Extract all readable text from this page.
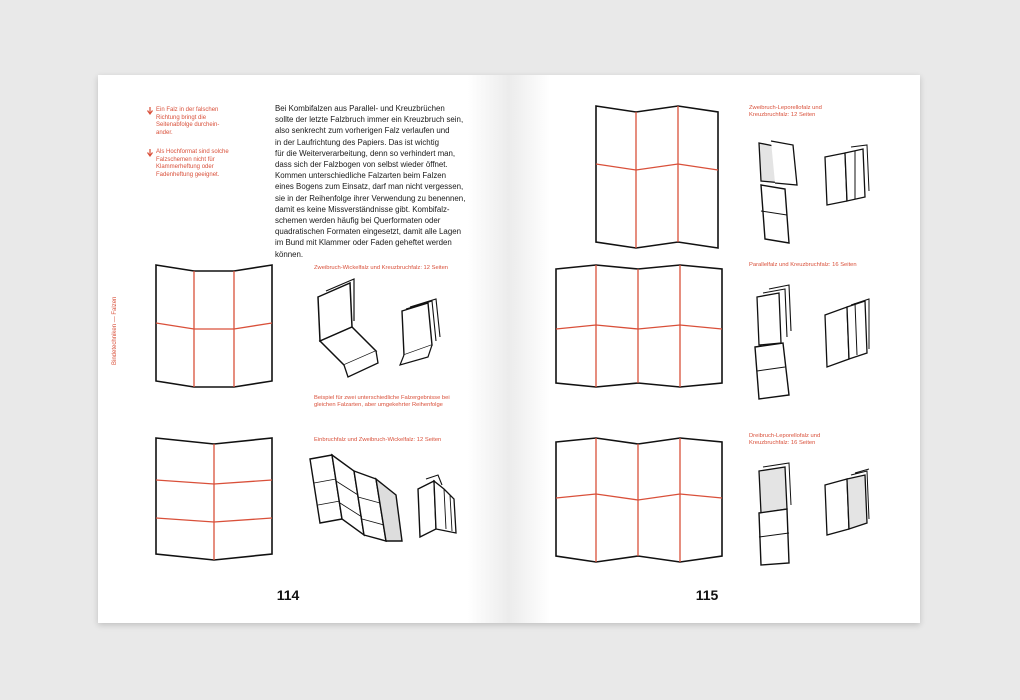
Ein Falz in der falschen Richtung bringt die Seitenabfolge durchein-ander.
Als Hochformat sind solche Falzschemen nicht für Klammerheftung oder Fadenheftung geeignet.
Bei Kombifalzen aus Parallel- und Kreuzbrüchen
sollte der letzte Falzbruch immer ein Kreuzbruch sein,
also senkrecht zum vorherigen Falz verlaufen und
in der Laufrichtung des Papiers. Das ist wichtig
für die Weiterverarbeitung, denn so verhindert man,
dass sich der Falzbogen von selbst wieder öffnet.
Kommen unterschiedliche Falzarten beim Falzen
eines Bogens zum Einsatz, darf man nicht vergessen,
sie in der Reihenfolge ihrer Verwendung zu benennen,
damit es keine Missverständnisse gibt. Kombifalz-
schemen werden häufig bei Querformaten oder
quadratischen Formaten eingesetzt, damit alle Lagen
im Bund mit Klammer oder Faden geheftet werden
können.
Bindetechniken — Falzen
Zweibruch-Wickelfalz und Kreuzbruchfalz: 12 Seiten
Beispiel für zwei unterschiedliche Falzergebnisse bei
gleichen Falzarten, aber umgekehrter Reihenfolge
Einbruchfalz und Zweibruch-Wickelfalz: 12 Seiten
114
Zweibruch-Leporellofalz und
Kreuzbruchfalz: 12 Seiten
Parallelfalz und Kreuzbruchfalz: 16 Seiten
Dreibruch-Leporellofalz und
Kreuzbruchfalz: 16 Seiten
115
